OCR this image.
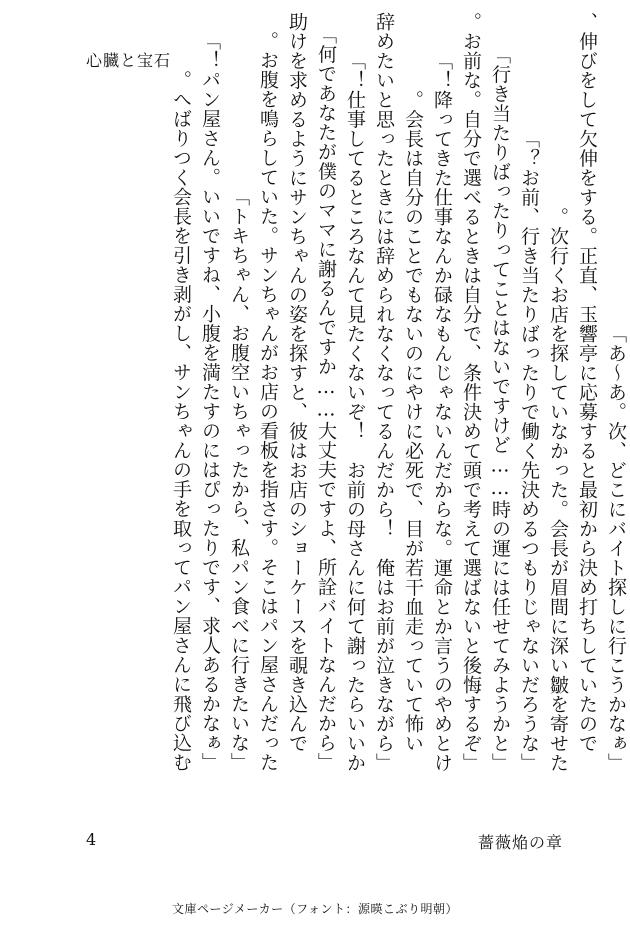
心臓と宝石
「あ〜あ。次、どこにバイト探しに行こうかなぁ」
　伸びをして欠伸をする。正直、玉響亭に応募すると最初から決め打ちしていたので、
次行くお店を探していなかった。会長が眉間に深い皺を寄せた。
「お前、行き当たりばったりで働く先決めるつもりじゃないだろうな？」
「行き当たりばったりってことはないですけど……時の運には任せてみようかと」
「お前な。自分で選べるときは自分で、条件決めて頭で考えて選ばないと後悔するぞ。
降ってきた仕事なんか碌なもんじゃないんだからな。運命とか言うのやめとけ！」
　会長は自分のことでもないのにやけに必死で、目が若干血走っていて怖い。
「辞めたいと思ったときには辞められなくなってるんだから！　俺はお前が泣きながら
仕事してるところなんて見たくないぞ！　お前の母さんに何て謝ったらいいか！」
「何であなたが僕のママに謝るんですか……大丈夫ですよ、所詮バイトなんだから」
　助けを求めるようにサンちゃんの姿を探すと、彼はお店のショーケースを覗き込んで
お腹を鳴らしていた。サンちゃんがお店の看板を指さす。そこはパン屋さんだった。
「トキちゃん、お腹空いちゃったから、私パン食べに行きたいな」
「パン屋さん。いいですね、小腹を満たすのにはぴったりです、求人あるかなぁ！」
へばりつく会長を引き剥がし、サンちゃんの手を取ってパン屋さんに飛び込む。
4	薔薇焔の章
文庫ページメーカー（フォント：源暎こぶり明朝）
